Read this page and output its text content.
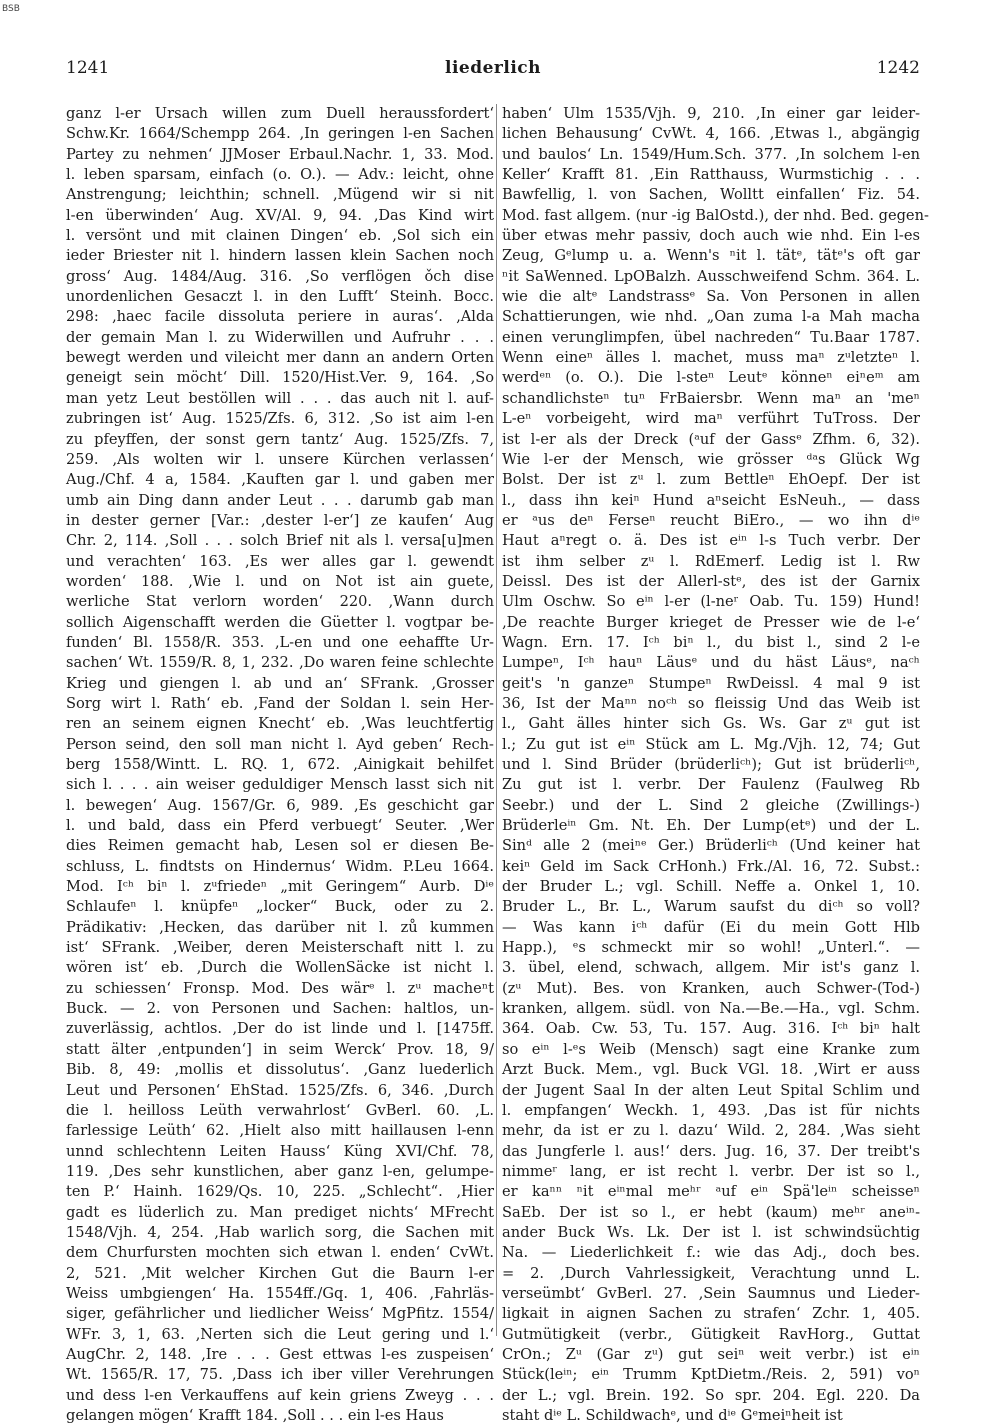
BSB
1241	liederlich	1242
ganz l-er Ursach willen zum Duell heraussfordert‘
Schw.Kr. 1664/Schempp 264. ‚In geringen l-en Sachen
Partey zu nehmen‘ JJMoser Erbaul.Nachr. 1, 33. Mod.
l. leben sparsam, einfach (o. O.). — Adv.: leicht, ohne
Anstrengung; leichthin; schnell. ‚Mügend wir si nit
l-en überwinden‘ Aug. XV/Al. 9, 94. ‚Das Kind wirt
l. versönt und mit clainen Dingen‘ eb. ‚Sol sich ein
ieder Briester nit l. hindern lassen klein Sachen noch
gross‘ Aug. 1484/Aug. 316. ‚So verflögen ǒch dise
unordenlichen Gesaczt l. in den Lufft‘ Steinh. Bocc.
298: ‚haec facile dissoluta periere in auras‘. ‚Alda
der gemain Man l. zu Widerwillen und Aufruhr . . .
bewegt werden und vileicht mer dann an andern Orten
geneigt sein möcht‘ Dill. 1520/Hist.Ver. 9, 164. ‚So
man yetz Leut bestöllen will . . . das auch nit l. auf-
zubringen ist‘ Aug. 1525/Zfs. 6, 312. ‚So ist aim l-en
zu pfeyffen, der sonst gern tantz‘ Aug. 1525/Zfs. 7,
259. ‚Als wolten wir l. unsere Kürchen verlassen‘
Aug./Chf. 4 a, 1584. ‚Kauften gar l. und gaben mer
umb ain Ding dann ander Leut . . . darumb gab man
in dester gerner [Var.: ‚dester l-er‘] ze kaufen‘ Aug
Chr. 2, 114. ‚Soll . . . solch Brief nit als l. versa[u]men
und verachten‘ 163. ‚Es wer alles gar l. gewendt
worden‘ 188. ‚Wie l. und on Not ist ain guete,
werliche Stat verlorn worden‘ 220. ‚Wann durch
sollich Aigenschafft werden die Güetter l. vogtpar be-
funden‘ Bl. 1558/R. 353. ‚L-en und one eehaffte Ur-
sachen‘ Wt. 1559/R. 8, 1, 232. ‚Do waren feine schlechte
Krieg und giengen l. ab und an‘ SFrank. ‚Grosser
Sorg wirt l. Rath‘ eb. ‚Fand der Soldan l. sein Her-
ren an seinem eignen Knecht‘ eb. ‚Was leuchtfertig
Person seind, den soll man nicht l. Ayd geben‘ Rech-
berg 1558/Wintt. L. RQ. 1, 672. ‚Ainigkait behilfet
sich l. . . . ain weiser geduldiger Mensch lasst sich nit
l. bewegen‘ Aug. 1567/Gr. 6, 989. ‚Es geschicht gar
l. und bald, dass ein Pferd verbuegt‘ Seuter. ‚Wer
dies Reimen gemacht hab, Lesen sol er diesen Be-
schluss, L. findtsts on Hindernus‘ Widm. P.Leu 1664.
Mod. Iᶜʰ biⁿ l. zᵘfriedeⁿ „mit Geringem“ Aurb. Dⁱᵉ
Schlaufeⁿ l. knüpfeⁿ „locker“ Buck, oder zu 2.
Prädikativ: ‚Hecken, das darüber nit l. zů kummen
ist‘ SFrank. ‚Weiber, deren Meisterschaft nitt l. zu
wören ist‘ eb. ‚Durch die WollenSäcke ist nicht l.
zu schiessen‘ Fronsp. Mod. Des wärᵉ l. zᵘ macheⁿt
Buck. — 2. von Personen und Sachen: haltlos, un-
zuverlässig, achtlos. ‚Der do ist linde und l. [1475ff.
statt älter ‚entpunden‘] in seim Werck‘ Prov. 18, 9/
Bib. 8, 49: ‚mollis et dissolutus‘. ‚Ganz luederlich
Leut und Personen‘ EhStad. 1525/Zfs. 6, 346. ‚Durch
die l. heilloss Leüth verwahrlost‘ GvBerl. 60. ‚L.
farlessige Leüth‘ 62. ‚Hielt also mitt haillausen l-enn
unnd schlechtenn Leiten Hauss‘ Küng XVI/Chf. 78,
119. ‚Des sehr kunstlichen, aber ganz l-en, gelumpe-
ten P.‘ Hainh. 1629/Qs. 10, 225. „Schlecht“. ‚Hier
gadt es lüderlich zu. Man prediget nichts‘ MFrecht
1548/Vjh. 4, 254. ‚Hab warlich sorg, die Sachen mit
dem Churfursten mochten sich etwan l. enden‘ CvWt.
2, 521. ‚Mit welcher Kirchen Gut die Baurn l-er
Weiss umbgiengen‘ Ha. 1554ff./Gq. 1, 406. ‚Fahrläs-
siger, gefährlicher und liedlicher Weiss‘ MgPfitz. 1554/
WFr. 3, 1, 63. ‚Nerten sich die Leut gering und l.‘
AugChr. 2, 148. ‚Ire . . . Gest ettwas l-es zuspeisen‘
Wt. 1565/R. 17, 75. ‚Dass ich iber viller Verehrungen
und dess l-en Verkauffens auf kein griens Zweyg . . .
gelangen mögen‘ Krafft 184. ‚Soll . . . ein l-es Haus
haben‘ Ulm 1535/Vjh. 9, 210. ‚In einer gar leider-
lichen Behausung‘ CvWt. 4, 166. ‚Etwas l., abgängig
und baulos‘ Ln. 1549/Hum.Sch. 377. ‚In solchem l-en
Keller‘ Krafft 81. ‚Ein Ratthauss, Wurmstichig . . .
Bawfellig, l. von Sachen, Wolltt einfallen‘ Fiz. 54.
Mod. fast allgem. (nur -ig BalOstd.), der nhd. Bed. gegen-
über etwas mehr passiv, doch auch wie nhd. Ein l-es
Zeug, Gᵉlump u. a. Wenn's ⁿit l. tätᵉ, tätᵉ's oft gar
ⁿit SaWenned. LpOBalzh. Ausschweifend Schm. 364. L.
wie die altᵉ Landstrassᵉ Sa. Von Personen in allen
Schattierungen, wie nhd. „Oan zuma l-a Mah macha
einen verunglimpfen, übel nachreden“ Tu.Baar 1787.
Wenn eineⁿ älles l. machet, muss maⁿ zᵘletzteⁿ l.
werdᵉⁿ (o. O.). Die l-steⁿ Leutᵉ könneⁿ eiⁿeᵐ am
schandlichsteⁿ tuⁿ FrBaiersbr. Wenn maⁿ an 'meⁿ
L-eⁿ vorbeigeht, wird maⁿ verführt TuTross. Der
ist l-er als der Dreck (ᵃuf der Gassᵉ Zfhm. 6, 32).
Wie l-er der Mensch, wie grösser ᵈᵃs Glück Wg
Bolst. Der ist zᵘ l. zum Bettleⁿ EhOepf. Der ist
l., dass ihn keiⁿ Hund aⁿseicht EsNeuh., — dass
er ᵃus deⁿ Ferseⁿ reucht BiEro., — wo ihn dⁱᵉ
Haut aⁿregt o. ä. Des ist eⁱⁿ l-s Tuch verbr. Der
ist ihm selber zᵘ l. RdEmerf. Ledig ist l. Rw
Deissl. Des ist der Allerl-stᵉ, des ist der Garnix
Ulm Oschw. So eⁱⁿ l-er (l-neʳ Oab. Tu. 159) Hund!
‚De reachte Burger krieget de Presser wie de l-e‘
Wagn. Ern. 17. Iᶜʰ biⁿ l., du bist l., sind 2 l-e
Lumpeⁿ, Iᶜʰ hauⁿ Läusᵉ und du häst Läusᵉ, naᶜʰ
geit's 'n ganzeⁿ Stumpeⁿ RwDeissl. 4 mal 9 ist
36, Ist der Maⁿⁿ noᶜʰ so fleissig Und das Weib ist
l., Gaht älles hinter sich Gs. Ws. Gar zᵘ gut ist
l.; Zu gut ist eⁱⁿ Stück am L. Mg./Vjh. 12, 74; Gut
und l. Sind Brüder (brüderliᶜʰ); Gut ist brüderliᶜʰ,
Zu gut ist l. verbr. Der Faulenz (Faulweg Rb
Seebr.) und der L. Sind 2 gleiche (Zwillings-)
Brüderleⁱⁿ Gm. Nt. Eh. Der Lump(etᵉ) und der L.
Sinᵈ alle 2 (meiⁿᵉ Ger.) Brüderliᶜʰ (Und keiner hat
keiⁿ Geld im Sack CrHonh.) Frk./Al. 16, 72. Subst.:
der Bruder L.; vgl. Schill. Neffe a. Onkel 1, 10.
Bruder L., Br. L., Warum saufst du diᶜʰ so voll?
— Was kann iᶜʰ dafür (Ei du mein Gott Hlb
Happ.), ᵉs schmeckt mir so wohl! „Unterl.“. —
3. übel, elend, schwach, allgem. Mir ist's ganz l.
(zᵘ Mut). Bes. von Kranken, auch Schwer-(Tod-)
kranken, allgem. südl. von Na.—Be.—Ha., vgl. Schm.
364. Oab. Cw. 53, Tu. 157. Aug. 316. Iᶜʰ biⁿ halt
so eⁱⁿ l-ᵉs Weib (Mensch) sagt eine Kranke zum
Arzt Buck. Mem., vgl. Buck VGl. 18. ‚Wirt er auss
der Jugent Saal In der alten Leut Spital Schlim und
l. empfangen‘ Weckh. 1, 493. ‚Das ist für nichts
mehr, da ist er zu l. dazu‘ Wild. 2, 284. ‚Was sieht
das Jungferle l. aus!‘ ders. Jug. 16, 37. Der treibt's
nimmeʳ lang, er ist recht l. verbr. Der ist so l.,
er kaⁿⁿ ⁿit eⁱⁿmal meʰʳ ᵃuf eⁱⁿ Spä'leⁱⁿ scheisseⁿ
SaEb. Der ist so l., er hebt (kaum) meʰʳ aneⁱⁿ-
ander Buck Ws. Lk. Der ist l. ist schwindsüchtig
Na. — Liederlichkeit f.: wie das Adj., doch bes.
= 2. ‚Durch Vahrlessigkeit, Verachtung unnd L.
verseümbt‘ GvBerl. 27. ‚Sein Saumnus und Lieder-
ligkait in aignen Sachen zu strafen‘ Zchr. 1, 405.
Gutmütigkeit (verbr., Gütigkeit RavHorg., Guttat
CrOn.; Zᵘ (Gar zᵘ) gut seiⁿ weit verbr.) ist eⁱⁿ
Stück(leⁱⁿ; eⁱⁿ Trumm KptDietm./Reis. 2, 591) voⁿ
der L.; vgl. Brein. 192. So spr. 204. Egl. 220. Da
staht dⁱᵉ L. Schildwachᵉ, und dⁱᵉ Gᵉmeiⁿheit ist
